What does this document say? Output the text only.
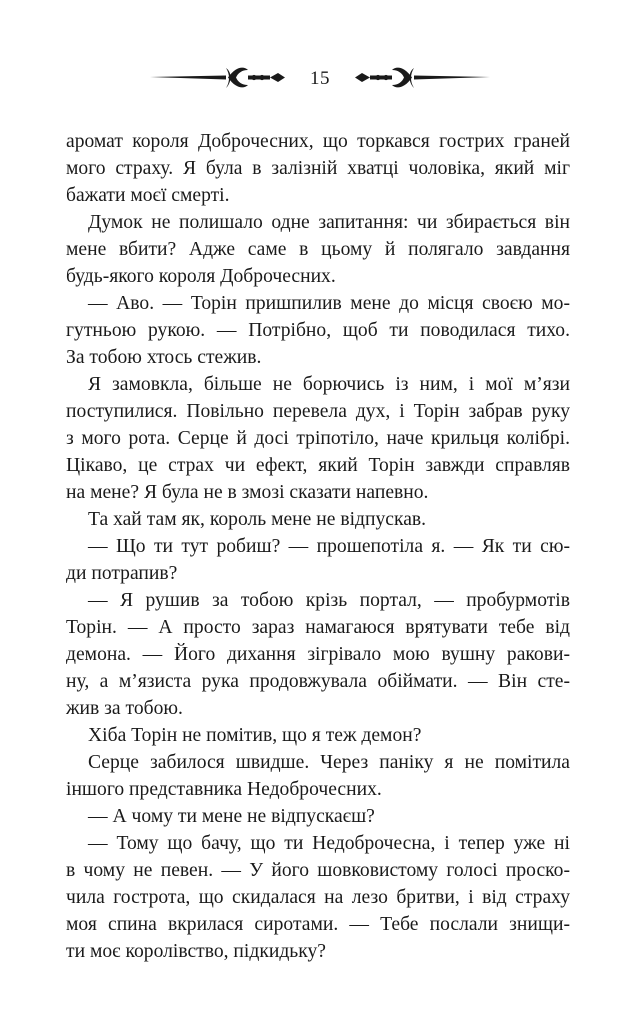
15
аромат короля Доброчесних, що торкався гострих граней
мого страху. Я була в залізній хватці чоловіка, який міг
бажати моєї смерті.
Думок не полишало одне запитання: чи збирається він
мене вбити? Адже саме в цьому й полягало завдання
будь-якого короля Доброчесних.
— Аво. — Торін пришпилив мене до місця своєю мо-
гутньою рукою. — Потрібно, щоб ти поводилася тихо.
За тобою хтось стежив.
Я замовкла, більше не борючись із ним, і мої м’язи
поступилися. Повільно перевела дух, і Торін забрав руку
з мого рота. Серце й досі тріпотіло, наче крильця колібрі.
Цікаво, це страх чи ефект, який Торін завжди справляв
на мене? Я була не в змозі сказати напевно.
Та хай там як, король мене не відпускав.
— Що ти тут робиш? — прошепотіла я. — Як ти сю-
ди потрапив?
— Я рушив за тобою крізь портал, — пробурмотів
Торін. — А просто зараз намагаюся врятувати тебе від
демона. — Його дихання зігрівало мою вушну ракови-
ну, а м’язиста рука продовжувала обіймати. — Він сте-
жив за тобою.
Хіба Торін не помітив, що я теж демон?
Серце забилося швидше. Через паніку я не помітила
іншого представника Недоброчесних.
— А чому ти мене не відпускаєш?
— Тому що бачу, що ти Недоброчесна, і тепер уже ні
в чому не певен. — У його шовковистому голосі проско-
чила гострота, що скидалася на лезо бритви, і від страху
моя спина вкрилася сиротами. — Тебе послали знищи-
ти моє королівство, підкидьку?
